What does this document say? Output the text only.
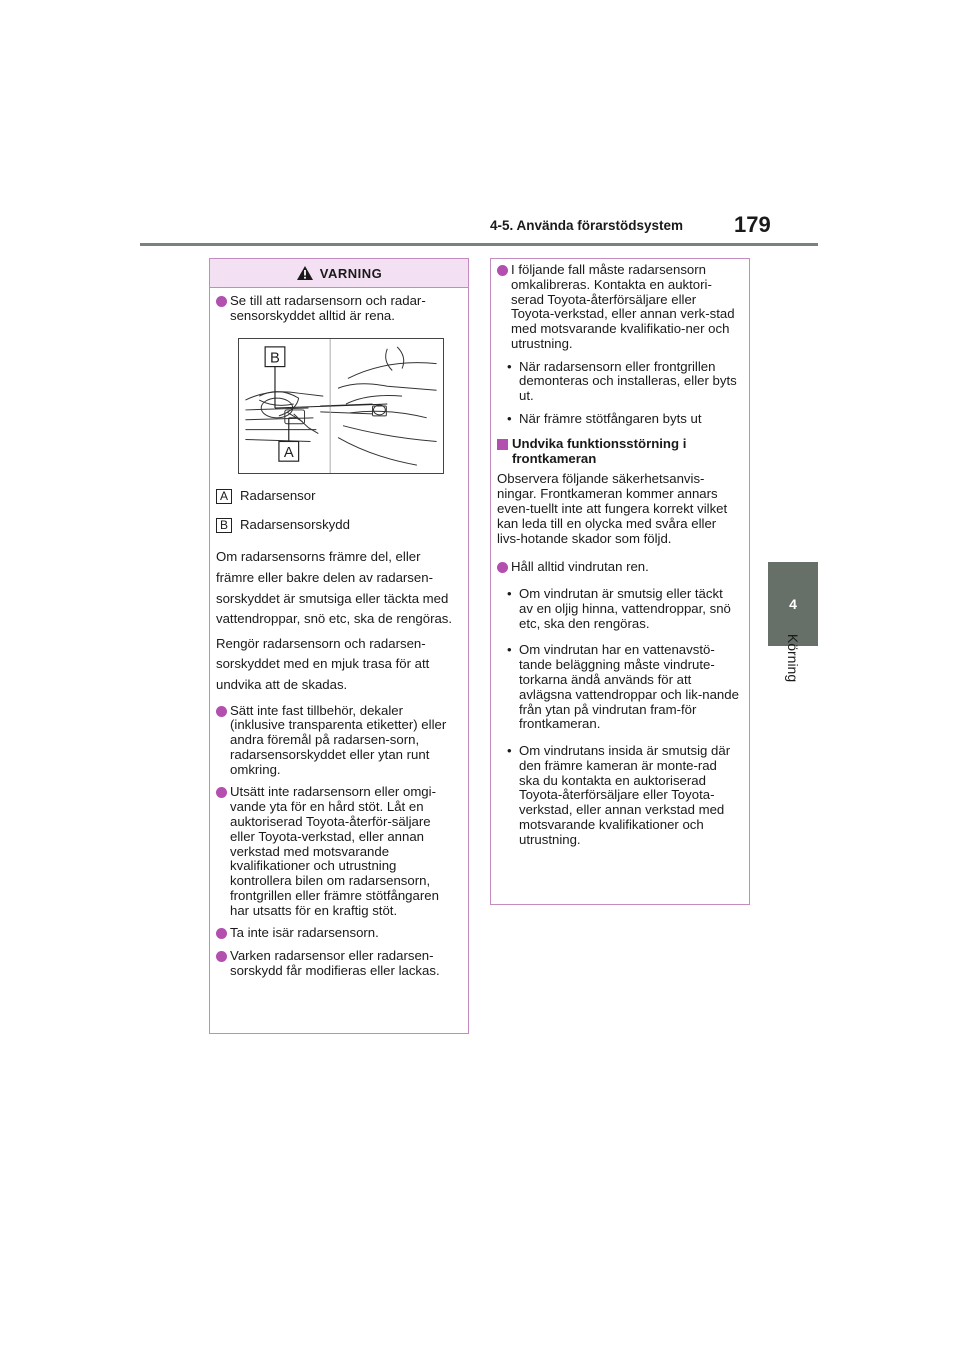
4-5. Använda förarstödsystem 179
4
Körning
VARNING
Se till att radarsensorn och radar-sensorskyddet alltid är rena.
B
A
A Radarsensor
B Radarsensorskydd

Om radarsensorns främre del, eller främre eller bakre delen av radarsen-sorskyddet är smutsiga eller täckta med vattendroppar, snö etc, ska de rengöras.

Rengör radarsensorn och radarsen-sorskyddet med en mjuk trasa för att undvika att de skadas.

Sätt inte fast tillbehör, dekaler (inklusive transparenta etiketter) eller andra föremål på radarsen-sorn, radarsensorskyddet eller ytan runt omkring.
Utsätt inte radarsensorn eller omgi-vande yta för en hård stöt. Låt en auktoriserad Toyota-återför-säljare eller Toyota-verkstad, eller annan verkstad med motsvarande kvalifikationer och utrustning kontrollera bilen om radarsensorn, frontgrillen eller främre stötfångaren har utsatts för en kraftig stöt.
Ta inte isär radarsensorn.
Varken radarsensor eller radarsen-sorskydd får modifieras eller lackas.
I följande fall måste radarsensorn omkalibreras. Kontakta en auktori-serad Toyota-återförsäljare eller Toyota-verkstad, eller annan verk-stad med motsvarande kvalifikatio-ner och utrustning.
• När radarsensorn eller frontgrillen demonteras och installeras, eller byts ut.
• När främre stötfångaren byts ut
Undvika funktionsstörning i frontkameran

Observera följande säkerhetsanvis-ningar. Frontkameran kommer annars even-tuellt inte att fungera korrekt vilket kan leda till en olycka med svåra eller livs-hotande skador som följd.

Håll alltid vindrutan ren.
• Om vindrutan är smutsig eller täckt av en oljig hinna, vattendroppar, snö etc, ska den rengöras.
• Om vindrutan har en vattenavstö-tande beläggning måste vindrute-torkarna ändå används för att avlägsna vattendroppar och lik-nande från ytan på vindrutan fram-för frontkameran.
• Om vindrutans insida är smutsig där den främre kameran är monte-rad ska du kontakta en auktoriserad Toyota-återförsäljare eller Toyota-verkstad, eller annan verkstad med motsvarande kvalifikationer och utrustning.
